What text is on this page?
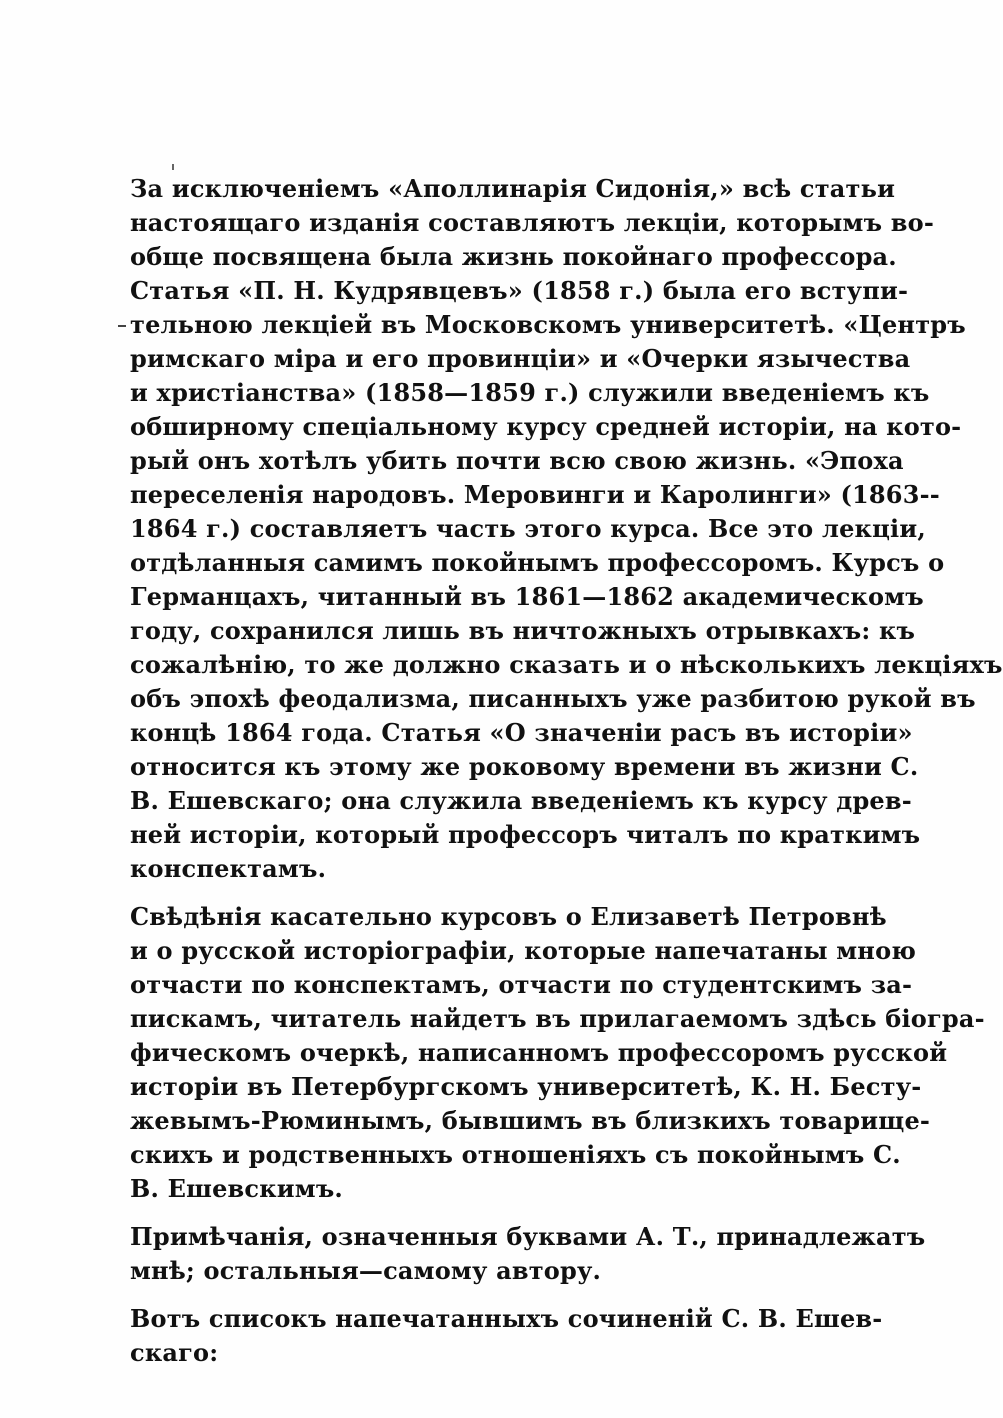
За исключеніемъ «Аполлинарія Сидонія,» всѣ статьи
настоящаго изданія составляютъ лекціи, которымъ во-
обще посвящена была жизнь покойнаго профессора.
Статья «П. Н. Кудрявцевъ» (1858 г.) была его вступи-
тельною лекціей въ Московскомъ университетѣ. «Центръ
римскаго міра и его провинціи» и «Очерки язычества
и христіанства» (1858—1859 г.) служили введеніемъ къ
обширному спеціальному курсу средней исторіи, на кото-
рый онъ хотѣлъ убить почти всю свою жизнь. «Эпоха
переселенія народовъ. Меровинги и Каролинги» (1863--
1864 г.) составляетъ часть этого курса. Все это лекціи,
отдѣланныя самимъ покойнымъ профессоромъ. Курсъ о
Германцахъ, читанный въ 1861—1862 академическомъ
году, сохранился лишь въ ничтожныхъ отрывкахъ: къ
сожалѣнію, то же должно сказать и о нѣсколькихъ лекціяхъ
объ эпохѣ феодализма, писанныхъ уже разбитою рукой въ
концѣ 1864 года. Статья «О значеніи расъ въ исторіи»
относится къ этому же роковому времени въ жизни С.
В. Ешевскаго; она служила введеніемъ къ курсу древ-
ней исторіи, который профессоръ читалъ по краткимъ
конспектамъ.
Свѣдѣнія касательно курсовъ о Елизаветѣ Петровнѣ
и о русской исторіографіи, которые напечатаны мною
отчасти по конспектамъ, отчасти по студентскимъ за-
пискамъ, читатель найдетъ въ прилагаемомъ здѣсь біогра-
фическомъ очеркѣ, написанномъ профессоромъ русской
исторіи въ Петербургскомъ университетѣ, К. Н. Бесту-
жевымъ-Рюминымъ, бывшимъ въ близкихъ товарище-
скихъ и родственныхъ отношеніяхъ съ покойнымъ С.
В. Ешевскимъ.
Примѣчанія, означенныя буквами А. Т., принадлежатъ
мнѣ; остальныя—самому автору.
Вотъ списокъ напечатанныхъ сочиненій С. В. Ешев-
скаго:
